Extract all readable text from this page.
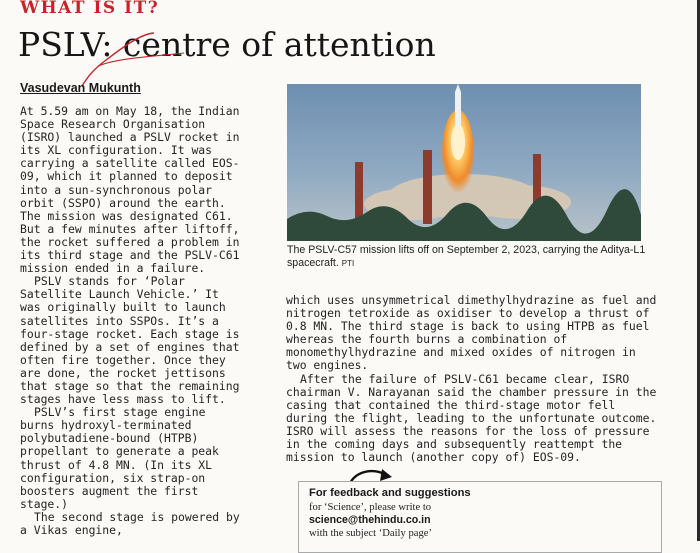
WHAT IS IT?
PSLV: centre of attention
Vasudevan Mukunth

At 5.59 am on May 18, the Indian Space Research Organisation (ISRO) launched a PSLV rocket in its XL configuration. It was carrying a satellite called EOS-09, which it planned to deposit into a sun-synchronous polar orbit (SSPO) around the earth. The mission was designated C61. But a few minutes after liftoff, the rocket suffered a problem in its third stage and the PSLV-C61 mission ended in a failure.

PSLV stands for ‘Polar Satellite Launch Vehicle.’ It was originally built to launch satellites into SSPOs. It’s a four-stage rocket. Each stage is defined by a set of engines that often fire together. Once they are done, the rocket jettisons that stage so that the remaining stages have less mass to lift.

PSLV’s first stage engine burns hydroxyl-terminated polybutadiene-bound (HTPB) propellant to generate a peak thrust of 4.8 MN. (In its XL configuration, six strap-on boosters augment the first stage.)

The second stage is powered by a Vikas engine,

The PSLV-C57 mission lifts off on September 2, 2023, carrying the Aditya-L1 spacecraft. PTI

which uses unsymmetrical dimethylhydrazine as fuel and nitrogen tetroxide as oxidiser to develop a thrust of 0.8 MN. The third stage is back to using HTPB as fuel whereas the fourth burns a combination of monomethylhydrazine and mixed oxides of nitrogen in two engines.

After the failure of PSLV-C61 became clear, ISRO chairman V. Narayanan said the chamber pressure in the casing that contained the third-stage motor fell during the flight, leading to the unfortunate outcome. ISRO will assess the reasons for the loss of pressure in the coming days and subsequently reattempt the mission to launch (another copy of) EOS-09.

For feedback and suggestions
for ‘Science’, please write to
science@thehindu.co.in
with the subject ‘Daily page’
